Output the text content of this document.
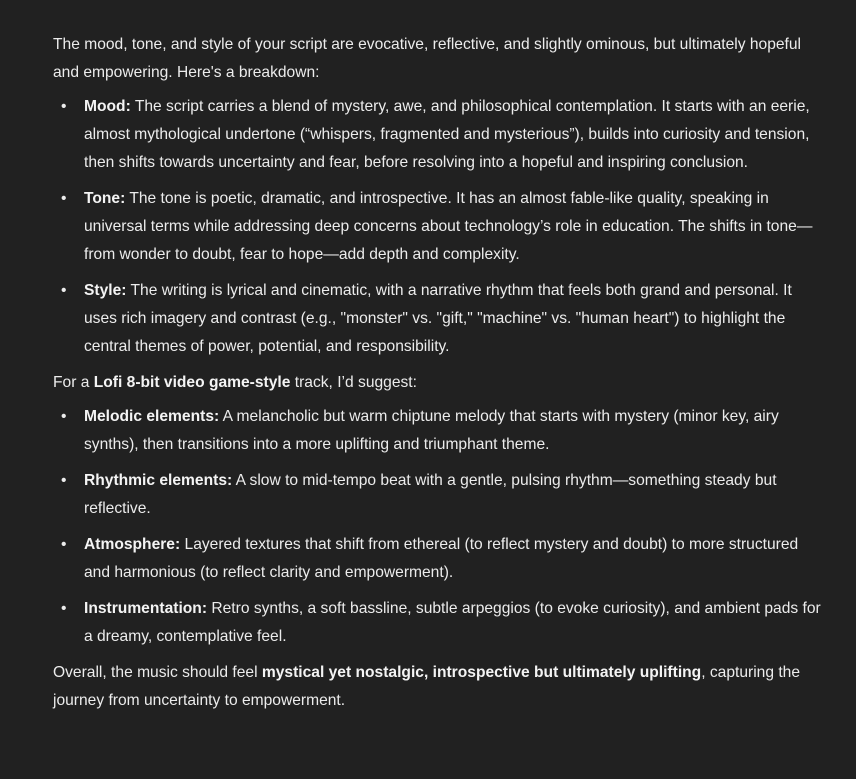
The mood, tone, and style of your script are evocative, reflective, and slightly ominous, but ultimately hopeful and empowering. Here's a breakdown:

• Mood: The script carries a blend of mystery, awe, and philosophical contemplation. It starts with an eerie, almost mythological undertone (“whispers, fragmented and mysterious”), builds into curiosity and tension, then shifts towards uncertainty and fear, before resolving into a hopeful and inspiring conclusion.
• Tone: The tone is poetic, dramatic, and introspective. It has an almost fable-like quality, speaking in universal terms while addressing deep concerns about technology’s role in education. The shifts in tone—from wonder to doubt, fear to hope—add depth and complexity.
• Style: The writing is lyrical and cinematic, with a narrative rhythm that feels both grand and personal. It uses rich imagery and contrast (e.g., "monster" vs. "gift," "machine" vs. "human heart") to highlight the central themes of power, potential, and responsibility.

For a Lofi 8-bit video game-style track, I’d suggest:

• Melodic elements: A melancholic but warm chiptune melody that starts with mystery (minor key, airy synths), then transitions into a more uplifting and triumphant theme.
• Rhythmic elements: A slow to mid-tempo beat with a gentle, pulsing rhythm—something steady but reflective.
• Atmosphere: Layered textures that shift from ethereal (to reflect mystery and doubt) to more structured and harmonious (to reflect clarity and empowerment).
• Instrumentation: Retro synths, a soft bassline, subtle arpeggios (to evoke curiosity), and ambient pads for a dreamy, contemplative feel.

Overall, the music should feel mystical yet nostalgic, introspective but ultimately uplifting, capturing the journey from uncertainty to empowerment.
